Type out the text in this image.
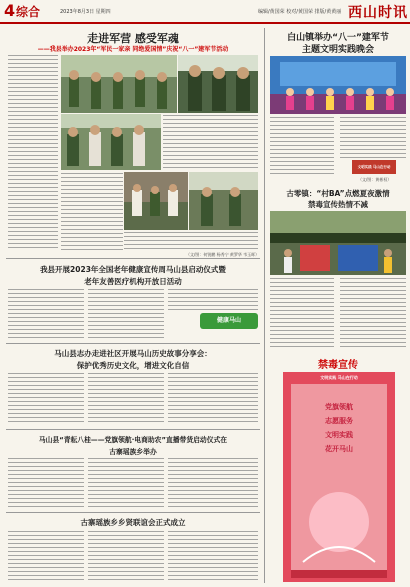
4 综合	2023年8月3日 星期四	编辑/黄国荣 校对/黄国荣 排版/黄黄丽 西山时讯
走进军营 感受军魂
——我县举办2023年“军民一家亲 同绝爱国情”庆祝“八一”建军节活动
（文/图：何锐鹏 杨秀宁 黄罗华 韦玉晖）
白山镇举办“八一”建军节
主题文明实践晚会
文明实践 马山在行动
（文/图：黄彬权）
古零镇：“村BA”点燃夏夜激情
禁毒宣传热情不减
禁毒宣传
文明实践 马山在行动
党旗领航
志愿服务
文明实践
花开马山
我县开展2023年全国老年健康宣传周马山县启动仪式暨
老年友善医疗机构开放日活动
健康马山
马山县志办走进社区开展马山历史故事分享会：
保护优秀历史文化，增进文化自信
马山县“青耘八桂——党旗领航·电商助农”直播带货启动仪式在
古寨瑶族乡举办
古寨瑶族乡乡贤联谊会正式成立
